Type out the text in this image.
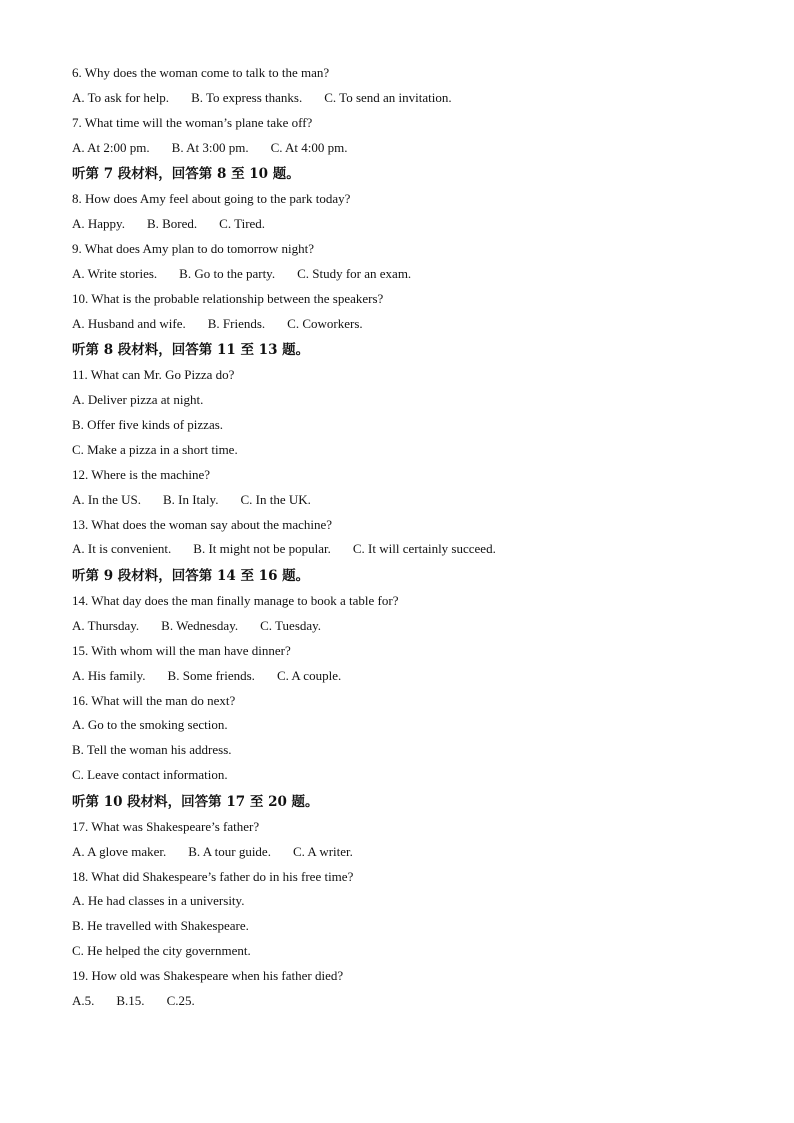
6. Why does the woman come to talk to the man?
A. To ask for help. B. To express thanks. C. To send an invitation.
7. What time will the woman’s plane take off?
A. At 2:00 pm. B. At 3:00 pm. C. At 4:00 pm.
听第 7 段材料，回答第 8 至 10 题。
8. How does Amy feel about going to the park today?
A. Happy. B. Bored. C. Tired.
9. What does Amy plan to do tomorrow night?
A. Write stories. B. Go to the party. C. Study for an exam.
10. What is the probable relationship between the speakers?
A. Husband and wife. B. Friends. C. Coworkers.
听第 8 段材料，回答第 11 至 13 题。
11. What can Mr. Go Pizza do?
A. Deliver pizza at night.
B. Offer five kinds of pizzas.
C. Make a pizza in a short time.
12. Where is the machine?
A. In the US. B. In Italy. C. In the UK.
13. What does the woman say about the machine?
A. It is convenient. B. It might not be popular. C. It will certainly succeed.
听第 9 段材料，回答第 14 至 16 题。
14. What day does the man finally manage to book a table for?
A. Thursday. B. Wednesday. C. Tuesday.
15. With whom will the man have dinner?
A. His family. B. Some friends. C. A couple.
16. What will the man do next?
A. Go to the smoking section.
B. Tell the woman his address.
C. Leave contact information.
听第 10 段材料，回答第 17 至 20 题。
17. What was Shakespeare’s father?
A. A glove maker. B. A tour guide. C. A writer.
18. What did Shakespeare’s father do in his free time?
A. He had classes in a university.
B. He travelled with Shakespeare.
C. He helped the city government.
19. How old was Shakespeare when his father died?
A.5. B.15. C.25.
